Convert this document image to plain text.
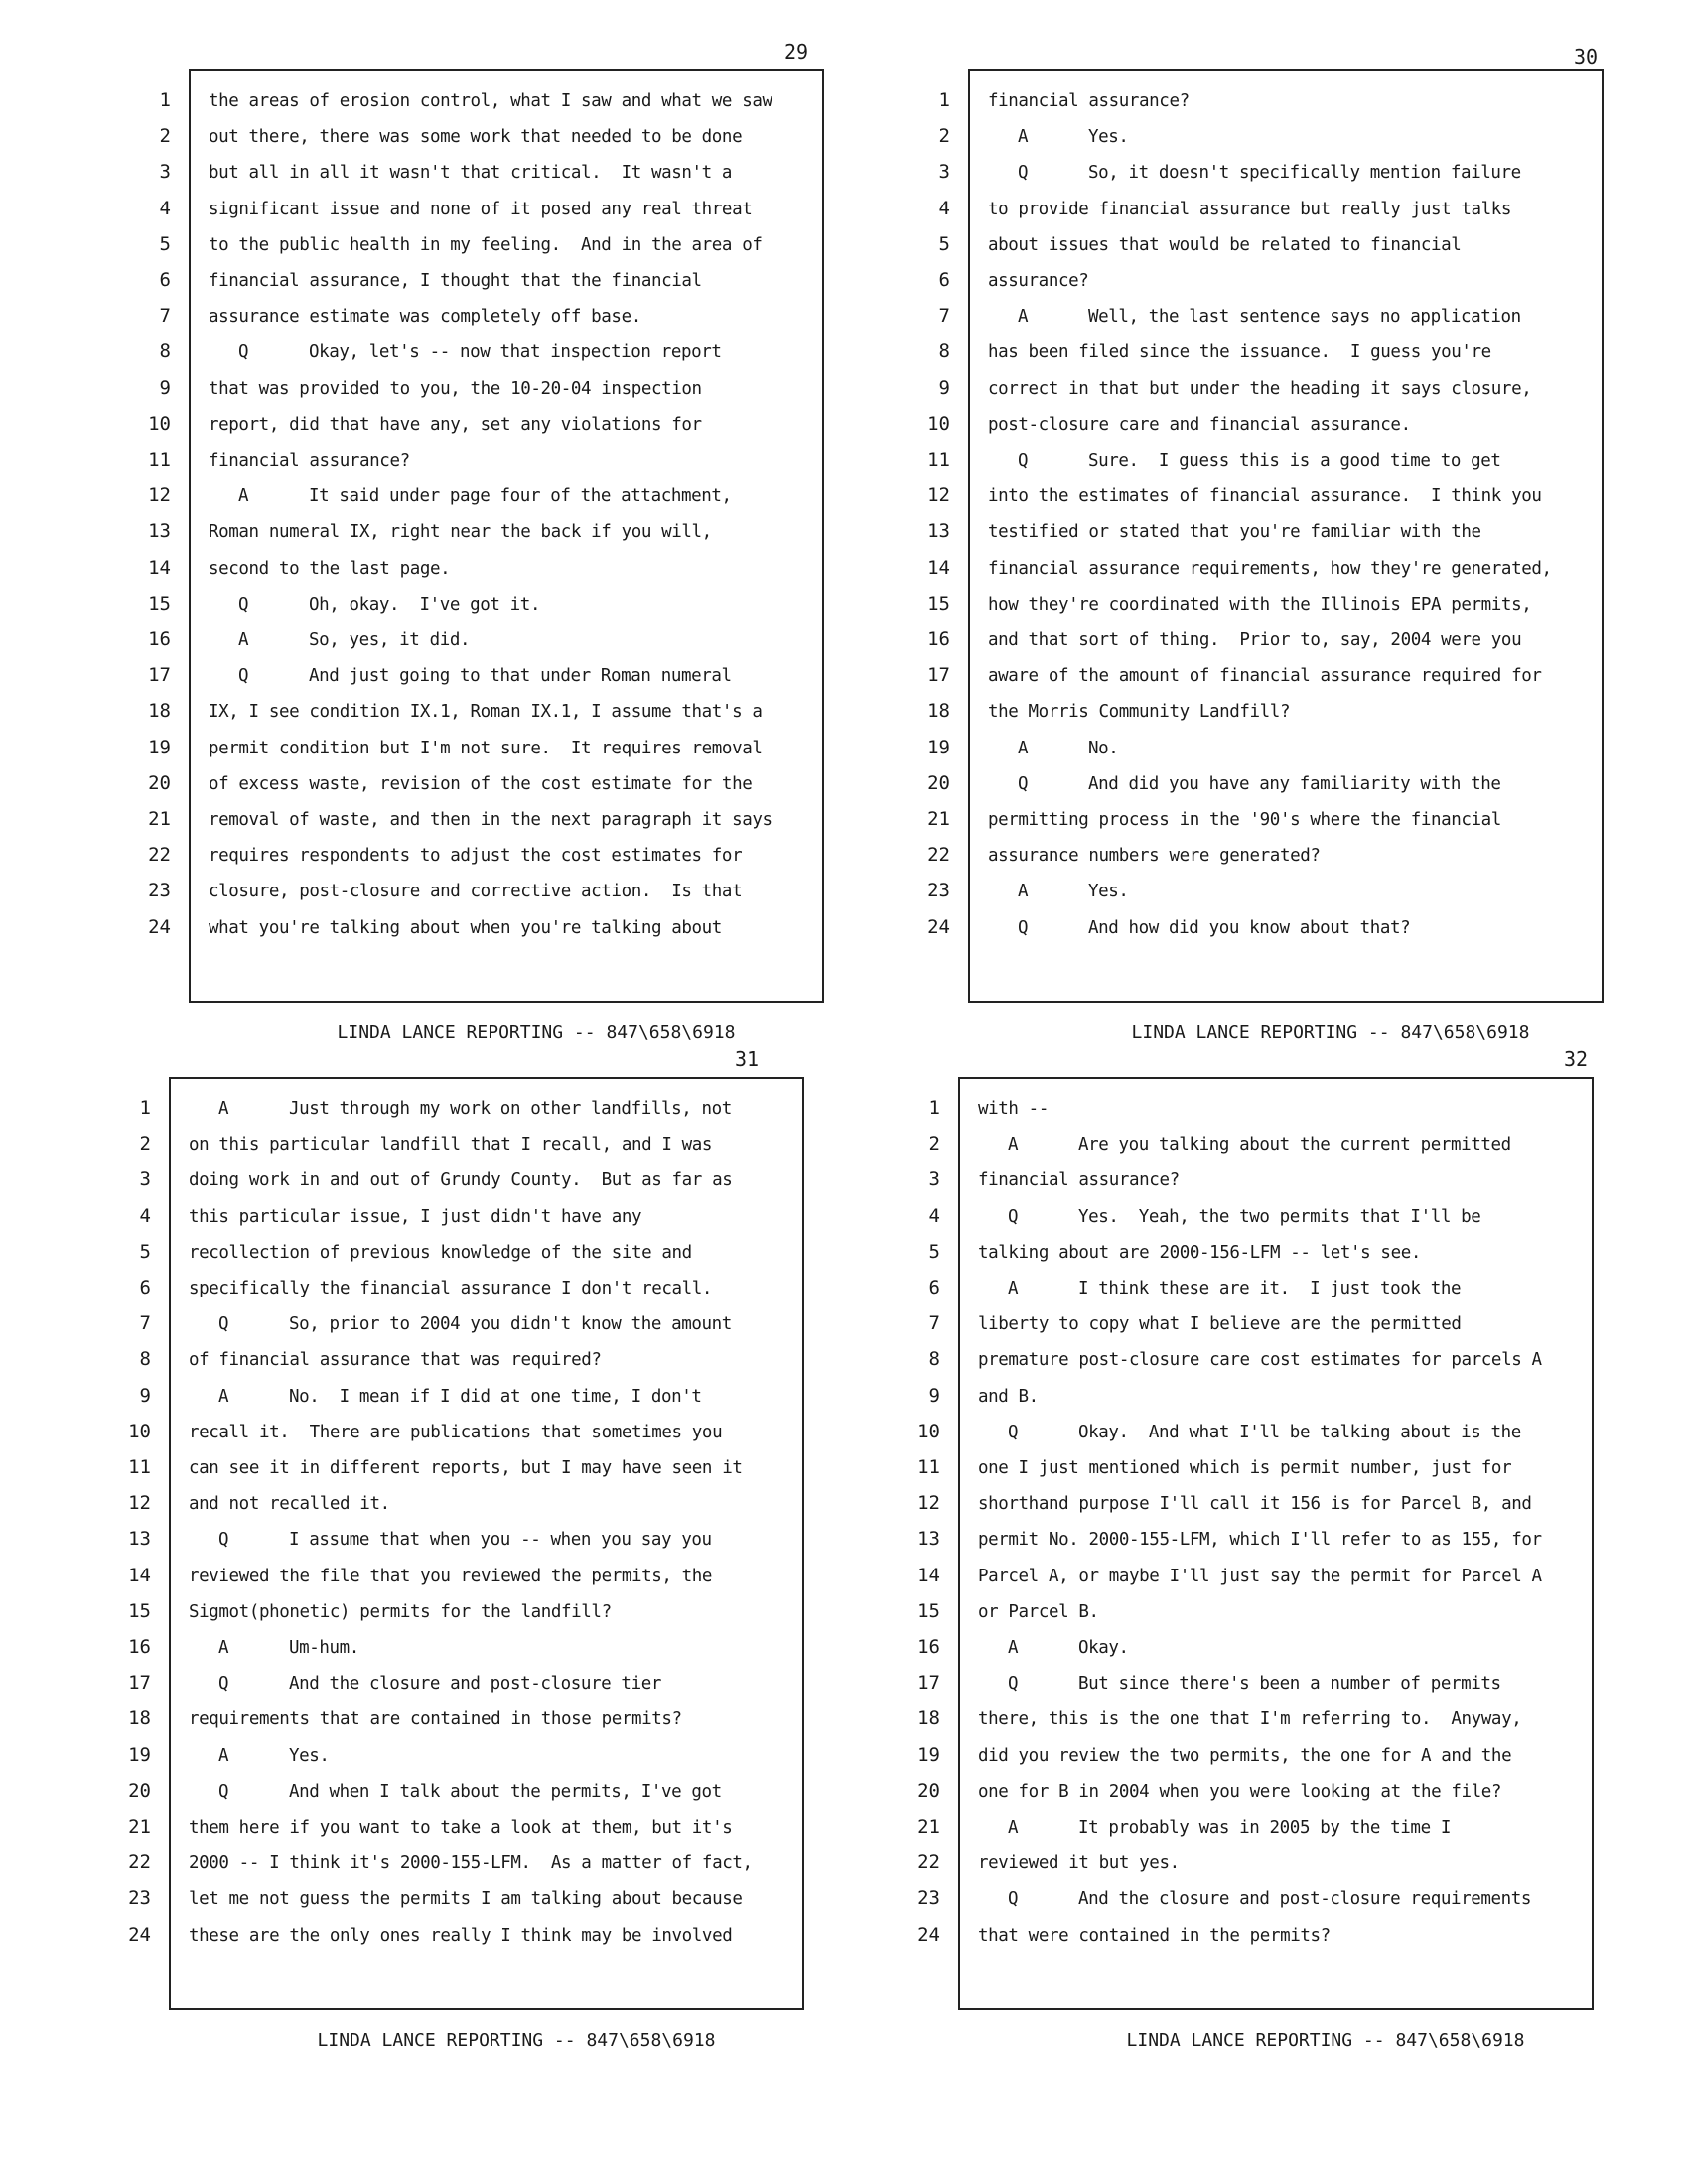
29
1 the areas of erosion control, what I saw and what we saw
2 out there, there was some work that needed to be done
3 but all in all it wasn't that critical.  It wasn't a
4 significant issue and none of it posed any real threat
5 to the public health in my feeling.  And in the area of
6 financial assurance, I thought that the financial
7 assurance estimate was completely off base.
8	Q      Okay, let's -- now that inspection report
9 that was provided to you, the 10-20-04 inspection
10 report, did that have any, set any violations for
11 financial assurance?
12	A      It said under page four of the attachment,
13 Roman numeral IX, right near the back if you will,
14 second to the last page.
15	Q      Oh, okay.  I've got it.
16	A      So, yes, it did.
17	Q      And just going to that under Roman numeral
18 IX, I see condition IX.1, Roman IX.1, I assume that's a
19 permit condition but I'm not sure.  It requires removal
20 of excess waste, revision of the cost estimate for the
21 removal of waste, and then in the next paragraph it says
22 requires respondents to adjust the cost estimates for
23 closure, post-closure and corrective action.  Is that
24 what you're talking about when you're talking about
LINDA LANCE REPORTING -- 847\658\6918
30
1 financial assurance?
2	A      Yes.
3	Q      So, it doesn't specifically mention failure
4 to provide financial assurance but really just talks
5 about issues that would be related to financial
6 assurance?
7	A      Well, the last sentence says no application
8 has been filed since the issuance.  I guess you're
9 correct in that but under the heading it says closure,
10 post-closure care and financial assurance.
11	Q      Sure.  I guess this is a good time to get
12 into the estimates of financial assurance.  I think you
13 testified or stated that you're familiar with the
14 financial assurance requirements, how they're generated,
15 how they're coordinated with the Illinois EPA permits,
16 and that sort of thing.  Prior to, say, 2004 were you
17 aware of the amount of financial assurance required for
18 the Morris Community Landfill?
19	A      No.
20	Q      And did you have any familiarity with the
21 permitting process in the '90's where the financial
22 assurance numbers were generated?
23	A      Yes.
24	Q      And how did you know about that?
LINDA LANCE REPORTING -- 847\658\6918
31
1	A      Just through my work on other landfills, not
2 on this particular landfill that I recall, and I was
3 doing work in and out of Grundy County.  But as far as
4 this particular issue, I just didn't have any
5 recollection of previous knowledge of the site and
6 specifically the financial assurance I don't recall.
7	Q      So, prior to 2004 you didn't know the amount
8 of financial assurance that was required?
9	A      No.  I mean if I did at one time, I don't
10 recall it.  There are publications that sometimes you
11 can see it in different reports, but I may have seen it
12 and not recalled it.
13	Q      I assume that when you -- when you say you
14 reviewed the file that you reviewed the permits, the
15 Sigmot(phonetic) permits for the landfill?
16	A      Um-hum.
17	Q      And the closure and post-closure tier
18 requirements that are contained in those permits?
19	A      Yes.
20	Q      And when I talk about the permits, I've got
21 them here if you want to take a look at them, but it's
22 2000 -- I think it's 2000-155-LFM.  As a matter of fact,
23 let me not guess the permits I am talking about because
24 these are the only ones really I think may be involved
LINDA LANCE REPORTING -- 847\658\6918
32
1 with --
2	A      Are you talking about the current permitted
3 financial assurance?
4	Q      Yes.  Yeah, the two permits that I'll be
5 talking about are 2000-156-LFM -- let's see.
6	A      I think these are it.  I just took the
7 liberty to copy what I believe are the permitted
8 premature post-closure care cost estimates for parcels A
9 and B.
10	Q      Okay.  And what I'll be talking about is the
11 one I just mentioned which is permit number, just for
12 shorthand purpose I'll call it 156 is for Parcel B, and
13 permit No. 2000-155-LFM, which I'll refer to as 155, for
14 Parcel A, or maybe I'll just say the permit for Parcel A
15 or Parcel B.
16	A      Okay.
17	Q      But since there's been a number of permits
18 there, this is the one that I'm referring to.  Anyway,
19 did you review the two permits, the one for A and the
20 one for B in 2004 when you were looking at the file?
21	A      It probably was in 2005 by the time I
22 reviewed it but yes.
23	Q      And the closure and post-closure requirements
24 that were contained in the permits?
LINDA LANCE REPORTING -- 847\658\6918
